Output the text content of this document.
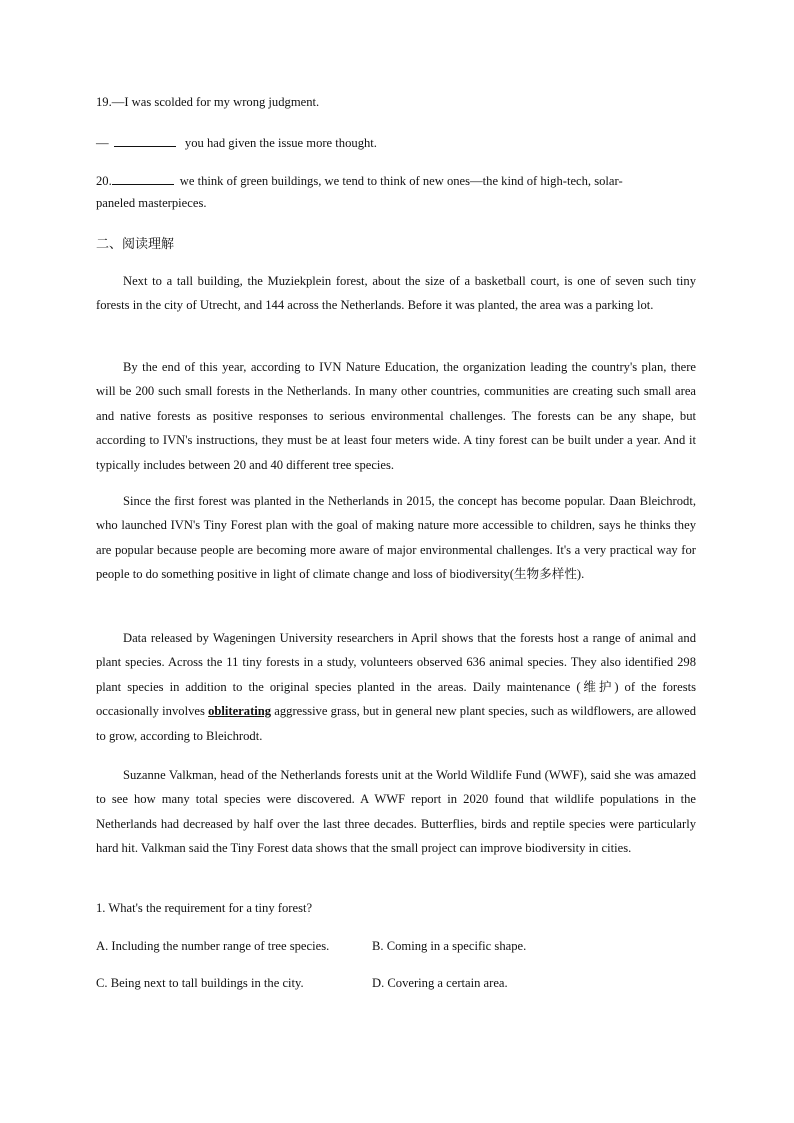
19.—I was scolded for my wrong judgment.
—	you had given the issue more thought.
20.	we think of green buildings, we tend to think of new ones—the kind of high-tech, solar-
paneled masterpieces.
二、阅读理解
Next to a tall building, the Muziekplein forest, about the size of a basketball court, is one of seven such tiny forests in the city of Utrecht, and 144 across the Netherlands. Before it was planted, the area was a parking lot.
By the end of this year, according to IVN Nature Education, the organization leading the country's plan, there will be 200 such small forests in the Netherlands. In many other countries, communities are creating such small area and native forests as positive responses to serious environmental challenges. The forests can be any shape, but according to IVN's instructions, they must be at least four meters wide. A tiny forest can be built under a year. And it typically includes between 20 and 40 different tree species.
Since the first forest was planted in the Netherlands in 2015, the concept has become popular. Daan Bleichrodt, who launched IVN's Tiny Forest plan with the goal of making nature more accessible to children, says he thinks they are popular because people are becoming more aware of major environmental challenges. It's a very practical way for people to do something positive in light of climate change and loss of biodiversity(生物多样性).
Data released by Wageningen University researchers in April shows that the forests host a range of animal and plant species. Across the 11 tiny forests in a study, volunteers observed 636 animal species. They also identified 298 plant species in addition to the original species planted in the areas. Daily maintenance (维护) of the forests occasionally involves obliterating aggressive grass, but in general new plant species, such as wildflowers, are allowed to grow, according to Bleichrodt.
Suzanne Valkman, head of the Netherlands forests unit at the World Wildlife Fund (WWF), said she was amazed to see how many total species were discovered. A WWF report in 2020 found that wildlife populations in the Netherlands had decreased by half over the last three decades. Butterflies, birds and reptile species were particularly hard hit. Valkman said the Tiny Forest data shows that the small project can improve biodiversity in cities.
1. What's the requirement for a tiny forest?
A. Including the number range of tree species.	B. Coming in a specific shape.
C. Being next to tall buildings in the city.	D. Covering a certain area.
